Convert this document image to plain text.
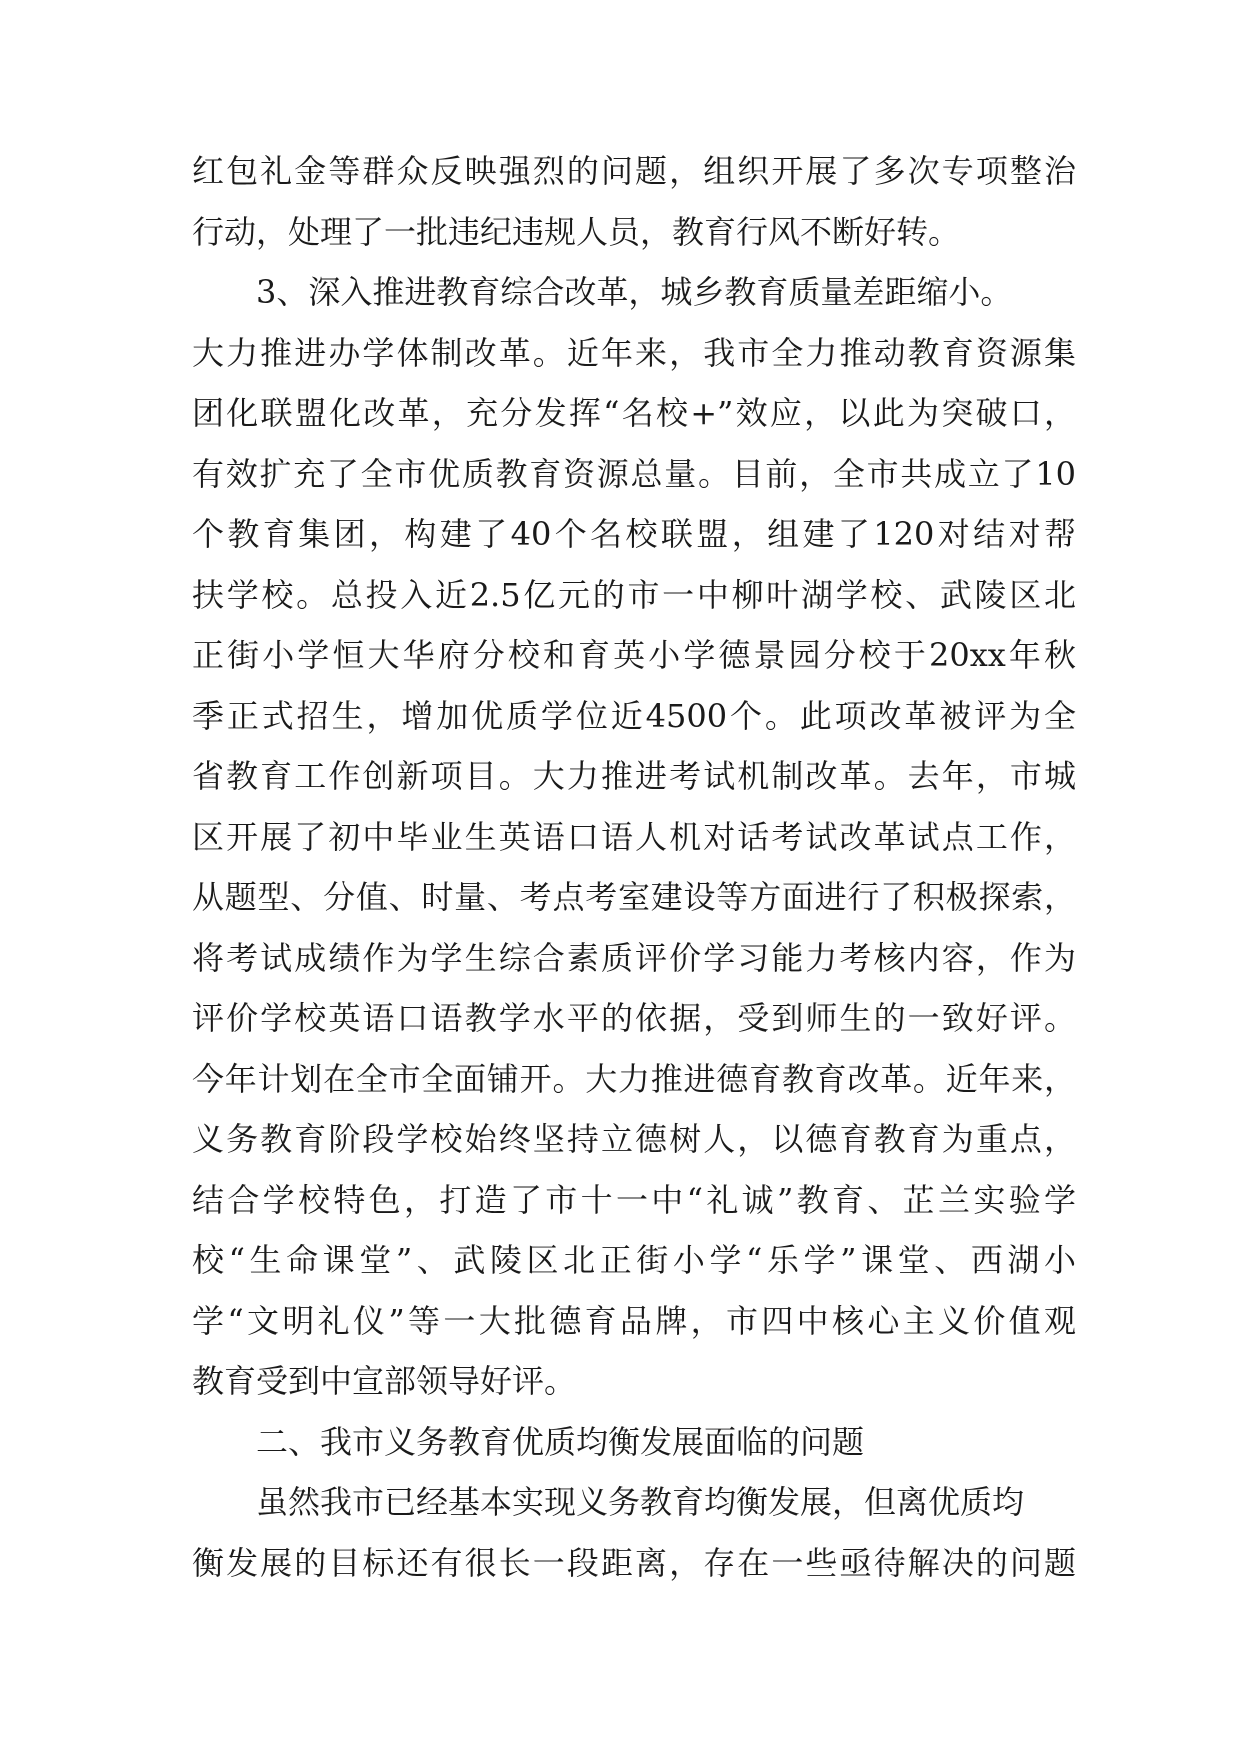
红包礼金等群众反映强烈的问题，组织开展了多次专项整治
行动，处理了一批违纪违规人员，教育行风不断好转。
　　3、深入推进教育综合改革，城乡教育质量差距缩小。
大力推进办学体制改革。近年来，我市全力推动教育资源集
团化联盟化改革，充分发挥“名校+”效应，以此为突破口，
有效扩充了全市优质教育资源总量。目前，全市共成立了10
个教育集团，构建了40个名校联盟，组建了120对结对帮
扶学校。总投入近2.5亿元的市一中柳叶湖学校、武陵区北
正街小学恒大华府分校和育英小学德景园分校于20xx年秋
季正式招生，增加优质学位近4500个。此项改革被评为全
省教育工作创新项目。大力推进考试机制改革。去年，市城
区开展了初中毕业生英语口语人机对话考试改革试点工作，
从题型、分值、时量、考点考室建设等方面进行了积极探索，
将考试成绩作为学生综合素质评价学习能力考核内容，作为
评价学校英语口语教学水平的依据，受到师生的一致好评。
今年计划在全市全面铺开。大力推进德育教育改革。近年来，
义务教育阶段学校始终坚持立德树人，以德育教育为重点，
结合学校特色，打造了市十一中“礼诚”教育、芷兰实验学
校“生命课堂”、武陵区北正街小学“乐学”课堂、西湖小
学“文明礼仪”等一大批德育品牌，市四中核心主义价值观
教育受到中宣部领导好评。
　　二、我市义务教育优质均衡发展面临的问题
　　虽然我市已经基本实现义务教育均衡发展，但离优质均
衡发展的目标还有很长一段距离，存在一些亟待解决的问题
